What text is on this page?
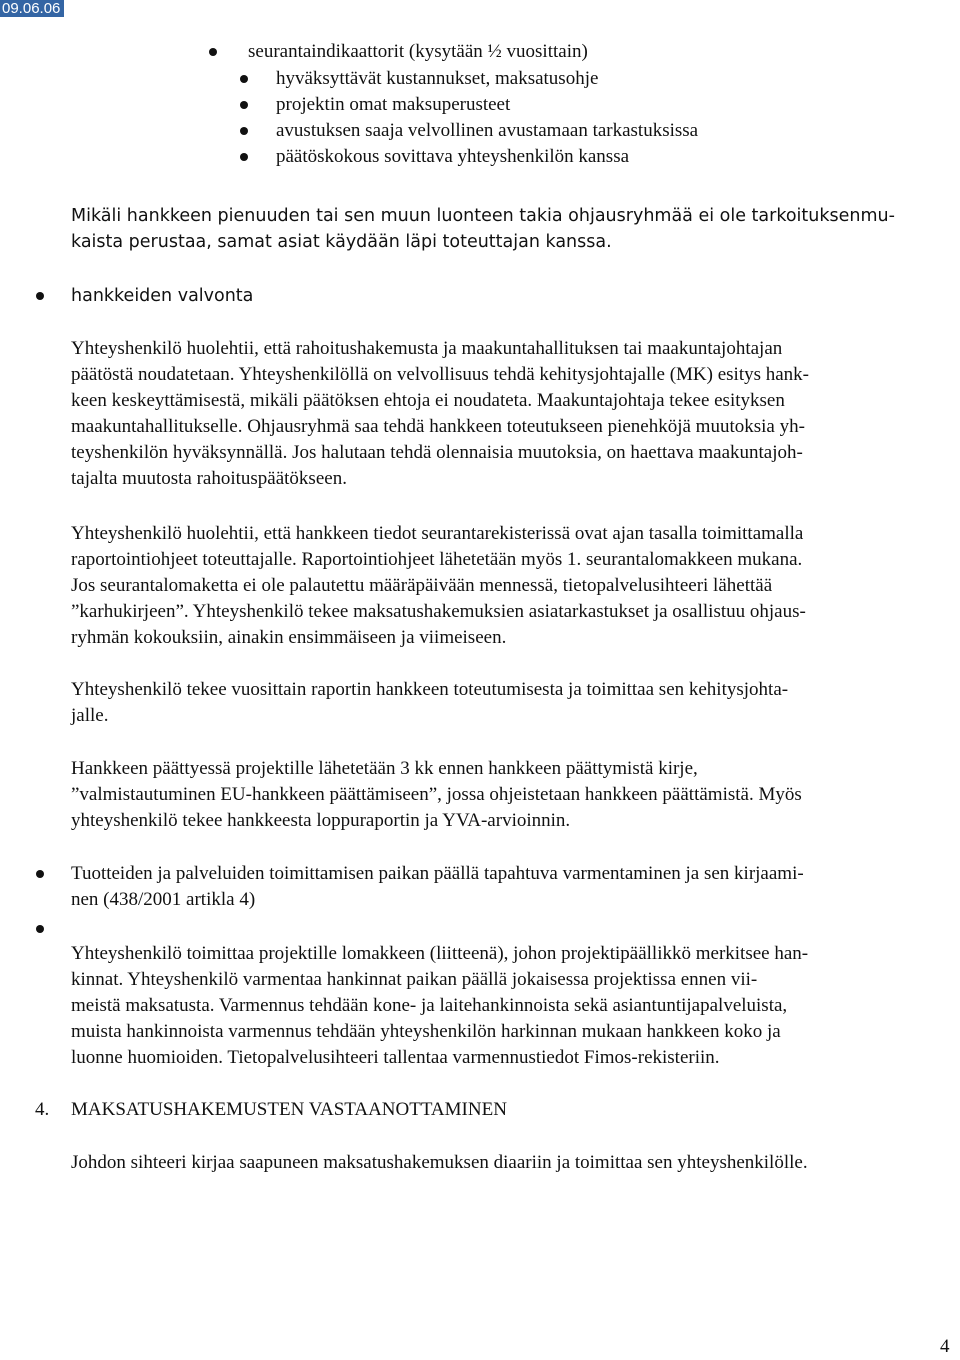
09.06.06
seurantaindikaattorit (kysytään ½ vuosittain)
hyväksyttävät kustannukset, maksatusohje
projektin omat maksuperusteet
avustuksen saaja velvollinen avustamaan tarkastuksissa
päätöskokous sovittava yhteyshenkilön kanssa
Mikäli hankkeen pienuuden tai sen muun luonteen takia ohjausryhmää ei ole tarkoituksenmu-
kaista perustaa, samat asiat käydään läpi toteuttajan kanssa.
hankkeiden valvonta
Yhteyshenkilö huolehtii, että rahoitushakemusta ja maakuntahallituksen tai maakuntajohtajan
päätöstä noudatetaan. Yhteyshenkilöllä on velvollisuus tehdä kehitysjohtajalle (MK) esitys hank-
keen keskeyttämisestä, mikäli päätöksen ehtoja ei noudateta. Maakuntajohtaja tekee esityksen
maakuntahallitukselle. Ohjausryhmä saa tehdä hankkeen toteutukseen pienehköjä muutoksia yh-
teyshenkilön hyväksynnällä. Jos halutaan tehdä olennaisia muutoksia, on haettava maakuntajoh-
tajalta muutosta rahoituspäätökseen.
Yhteyshenkilö huolehtii, että hankkeen tiedot seurantarekisterissä ovat ajan tasalla toimittamalla
raportointiohjeet toteuttajalle. Raportointiohjeet lähetetään myös 1. seurantalomakkeen mukana.
Jos seurantalomaketta ei ole palautettu määräpäivään mennessä, tietopalvelusihteeri lähettää
”karhukirjeen”. Yhteyshenkilö tekee maksatushakemuksien asiatarkastukset ja osallistuu ohjaus-
ryhmän kokouksiin, ainakin ensimmäiseen ja viimeiseen.
Yhteyshenkilö tekee vuosittain raportin hankkeen toteutumisesta ja toimittaa sen kehitysjohta-
jalle.
Hankkeen päättyessä projektille lähetetään 3 kk ennen hankkeen päättymistä kirje,
”valmistautuminen EU-hankkeen päättämiseen”, jossa ohjeistetaan hankkeen päättämistä. Myös
yhteyshenkilö tekee hankkeesta loppuraportin ja YVA-arvioinnin.
Tuotteiden ja palveluiden toimittamisen paikan päällä tapahtuva varmentaminen ja sen kirjaami-
nen (438/2001 artikla 4)
Yhteyshenkilö toimittaa projektille lomakkeen (liitteenä), johon projektipäällikkö merkitsee han-
kinnat. Yhteyshenkilö varmentaa hankinnat paikan päällä jokaisessa projektissa ennen vii-
meistä maksatusta. Varmennus tehdään kone- ja laitehankinnoista sekä asiantuntijapalveluista,
muista hankinnoista varmennus tehdään yhteyshenkilön harkinnan mukaan hankkeen koko ja
luonne huomioiden. Tietopalvelusihteeri tallentaa varmennustiedot Fimos-rekisteriin.
4. MAKSATUSHAKEMUSTEN VASTAANOTTAMINEN
Johdon sihteeri kirjaa saapuneen maksatushakemuksen diaariin ja toimittaa sen yhteyshenkilölle.
4
